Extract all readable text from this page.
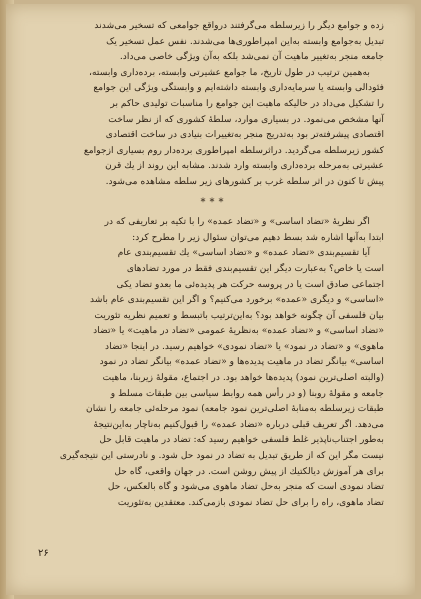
زده و جوامع دیگر را زیرسلطه می‌گرفتند درواقع جوامعی که تسخیر می‌شدند

تبدیل به‌جوامع وابسته به‌این امپراطوری‌ها می‌شدند. نفس عمل تسخیر یک

جامعه منجر به‌تغییر ماهیت آن نمی‌شد بلکه به‌آن ویژگی خاصی می‌داد.

به‌همین ترتیب در طول تاریخ، ما جوامع عشیرتی وابسته، برده‌داری وابسته،

فئودالی وابسته یا سرمایه‌داری وابسته داشته‌ایم و وابستگی ویژگی این جوامع

را تشکیل می‌داد در حالیکه ماهیت این جوامع را مناسبات تولیدی حاکم بر

آنها مشخص می‌نمود. در بسیاری موارد، سلطهٔ کشوری که از نظر ساخت

اقتصادی پیشرفته‌تر بود به‌تدریج منجر به‌تغییرات بنیادی در ساخت اقتصادی

کشور زیرسلطه می‌گردید. دراثرسلطه امپراطوری برده‌دار روم بسیاری ازجوامع

عشیرتی به‌مرحله برده‌داری وابسته وارد شدند. مشابه این روند از یك قرن

پیش تا کنون در اثر سلطه غرب بر کشورهای زیر سلطه مشاهده می‌شود.

***

اگر نظریهٔ «تضاد اساسی» و «تضاد عمده» را با تکیه بر تعاریفی که در

ابتدا به‌آنها اشاره شد بسط دهیم می‌توان سئوال زیر را مطرح کرد:

آیا تقسیم‌بندی «تضاد عمده» و «تضاد اساسی» یك تقسیم‌بندی عام

است یا خاص؟ به‌عبارت دیگر این تقسیم‌بندی فقط در مورد تضادهای

اجتماعی صادق است یا در پروسه حرکت هر پدیده‌ئی ما بعدو تضاد یکی

«اساسی» و دیگری «عمده» برخورد می‌کنیم؟ و اگر این تقسیم‌بندی عام باشد

بیان فلسفی آن چگونه خواهد بود؟ به‌این‌ترتیب باتبسط و تعمیم نظریه تئوریت

«تضاد اساسی» و «تضاد عمده» به‌نظریهٔ عمومی «تضاد در ماهیت» یا «تضاد

ماهوی» و «تضاد در نمود» یا «تضاد نمودی» خواهیم رسید. در اینجا «تضاد

اساسی» بیانگر تضاد در ماهیت پدیده‌ها و «تضاد عمده» بیانگر تضاد در نمود

(والبته اصلی‌ترین نمود) پدیده‌ها خواهد بود. در اجتماع، مقولهٔ زیربنا، ماهیت

جامعه و مقولهٔ روبنا (و در رأس همه روابط سیاسی بین طبقات مسلط و

طبقات زیرسلطه به‌منابهٔ اصلی‌ترین نمود جامعه) نمود مرحله‌ئی جامعه را نشان

می‌دهد. اگر تعریف قبلی درباره «تضاد عمده» را قبول‌کنیم به‌ناچار به‌این‌نتیجهٔ

به‌طور اجتناب‌ناپذیر غلط فلسفی خواهیم رسید که: تضاد در ماهیت قابل حل

نیست مگر این که از طریق تبدیل به تضاد در نمود حل شود. و نادرستی این نتیجه‌گیری

برای هر آموزش دیالکتیك از پیش روشن است. در جهان واقعی، گاه حل

تضاد نمودی است که منجر به‌حل تضاد ماهوی می‌شود و گاه بالعکس، حل

تضاد ماهوی، راه را برای حل تضاد نمودی بازمی‌کند. معتقدین به‌تئوریت

۲۶
